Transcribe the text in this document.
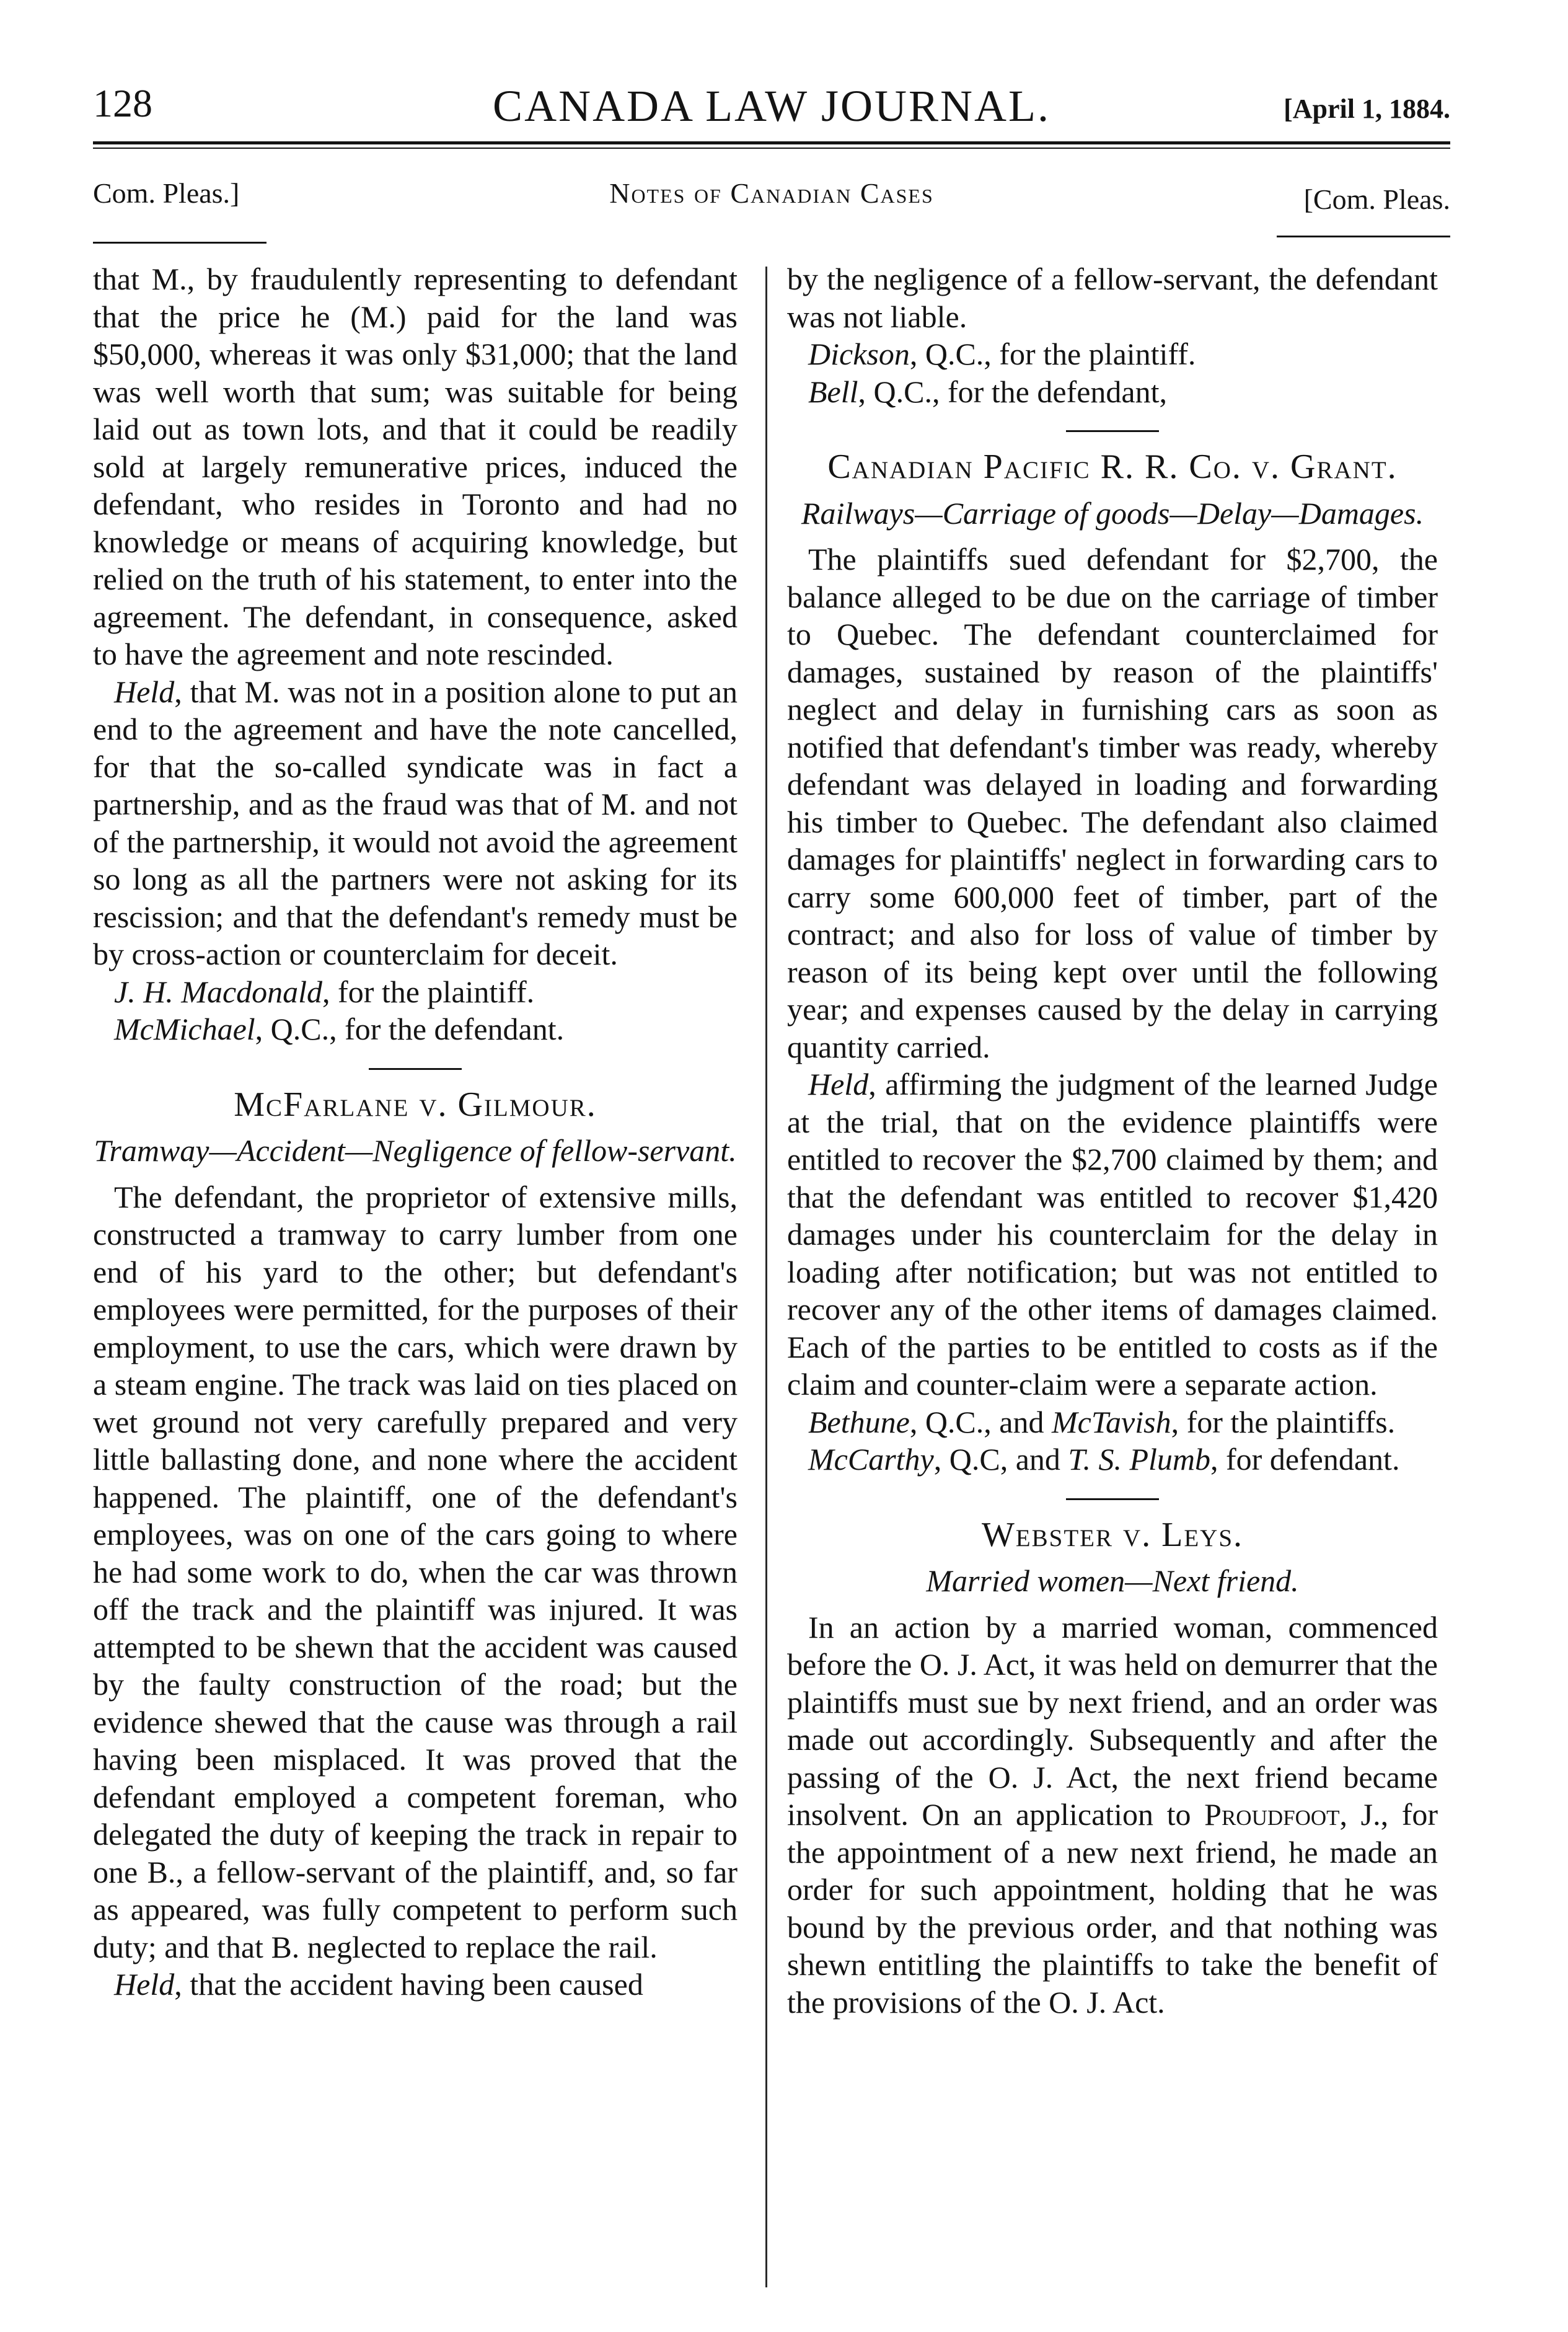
128	CANADA LAW JOURNAL.	[April 1, 1884.
Com. Pleas.]	Notes of Canadian Cases	[Com. Pleas.

that M., by fraudulently representing to defendant that the price he (M.) paid for the land was $50,000, whereas it was only $31,000; that the land was well worth that sum; was suitable for being laid out as town lots, and that it could be readily sold at largely remunerative prices, induced the defendant, who resides in Toronto and had no knowledge or means of acquiring knowledge, but relied on the truth of his statement, to enter into the agreement. The defendant, in consequence, asked to have the agreement and note rescinded.

Held, that M. was not in a position alone to put an end to the agreement and have the note cancelled, for that the so-called syndicate was in fact a partnership, and as the fraud was that of M. and not of the partnership, it would not avoid the agreement so long as all the partners were not asking for its rescission; and that the defendant's remedy must be by cross-action or counterclaim for deceit.

J. H. Macdonald, for the plaintiff.

McMichael, Q.C., for the defendant.

McFarlane v. Gilmour.
Tramway—Accident—Negligence of fellow-servant.

The defendant, the proprietor of extensive mills, constructed a tramway to carry lumber from one end of his yard to the other; but defendant's employees were permitted, for the purposes of their employment, to use the cars, which were drawn by a steam engine. The track was laid on ties placed on wet ground not very carefully prepared and very little ballasting done, and none where the accident happened. The plaintiff, one of the defendant's employees, was on one of the cars going to where he had some work to do, when the car was thrown off the track and the plaintiff was injured. It was attempted to be shewn that the accident was caused by the faulty construction of the road; but the evidence shewed that the cause was through a rail having been misplaced. It was proved that the defendant employed a competent foreman, who delegated the duty of keeping the track in repair to one B., a fellow-servant of the plaintiff, and, so far as appeared, was fully competent to perform such duty; and that B. neglected to replace the rail.

Held, that the accident having been caused

by the negligence of a fellow-servant, the defendant was not liable.

Dickson, Q.C., for the plaintiff.

Bell, Q.C., for the defendant,

Canadian Pacific R. R. Co. v. Grant.
Railways—Carriage of goods—Delay—Damages.

The plaintiffs sued defendant for $2,700, the balance alleged to be due on the carriage of timber to Quebec. The defendant counterclaimed for damages, sustained by reason of the plaintiffs' neglect and delay in furnishing cars as soon as notified that defendant's timber was ready, whereby defendant was delayed in loading and forwarding his timber to Quebec. The defendant also claimed damages for plaintiffs' neglect in forwarding cars to carry some 600,000 feet of timber, part of the contract; and also for loss of value of timber by reason of its being kept over until the following year; and expenses caused by the delay in carrying quantity carried.

Held, affirming the judgment of the learned Judge at the trial, that on the evidence plaintiffs were entitled to recover the $2,700 claimed by them; and that the defendant was entitled to recover $1,420 damages under his counterclaim for the delay in loading after notification; but was not entitled to recover any of the other items of damages claimed. Each of the parties to be entitled to costs as if the claim and counter-claim were a separate action.

Bethune, Q.C., and McTavish, for the plaintiffs.

McCarthy, Q.C, and T. S. Plumb, for defendant.

Webster v. Leys.
Married women—Next friend.

In an action by a married woman, commenced before the O. J. Act, it was held on demurrer that the plaintiffs must sue by next friend, and an order was made out accordingly. Subsequently and after the passing of the O. J. Act, the next friend became insolvent. On an application to Proudfoot, J., for the appointment of a new next friend, he made an order for such appointment, holding that he was bound by the previous order, and that nothing was shewn entitling the plaintiffs to take the benefit of the provisions of the O. J. Act.
